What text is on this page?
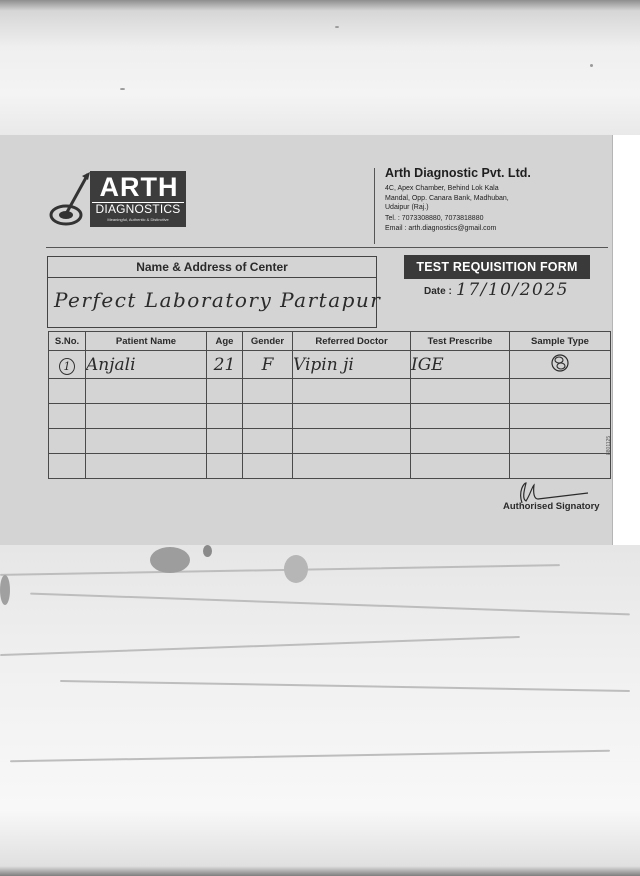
ARTH
DIAGNOSTICS
Meaningful, Authentic & Distinctive
Arth Diagnostic Pvt. Ltd.
4C, Apex Chamber, Behind Lok Kala
Mandal, Opp. Canara Bank, Madhuban,
Udaipur (Raj.)
Tel. : 7073308880, 7073818880
Email : arth.diagnostics@gmail.com
Name & Address of Center
Perfect Laboratory Partapur
TEST REQUISITION FORM
Date : 17/10/2025
S.No.	Patient Name	Age	Gender	Referred Doctor	Test Prescribe	Sample Type
1	Anjali	21	F	Vipin ji	IGE	

8801125
Authorised Signatory
